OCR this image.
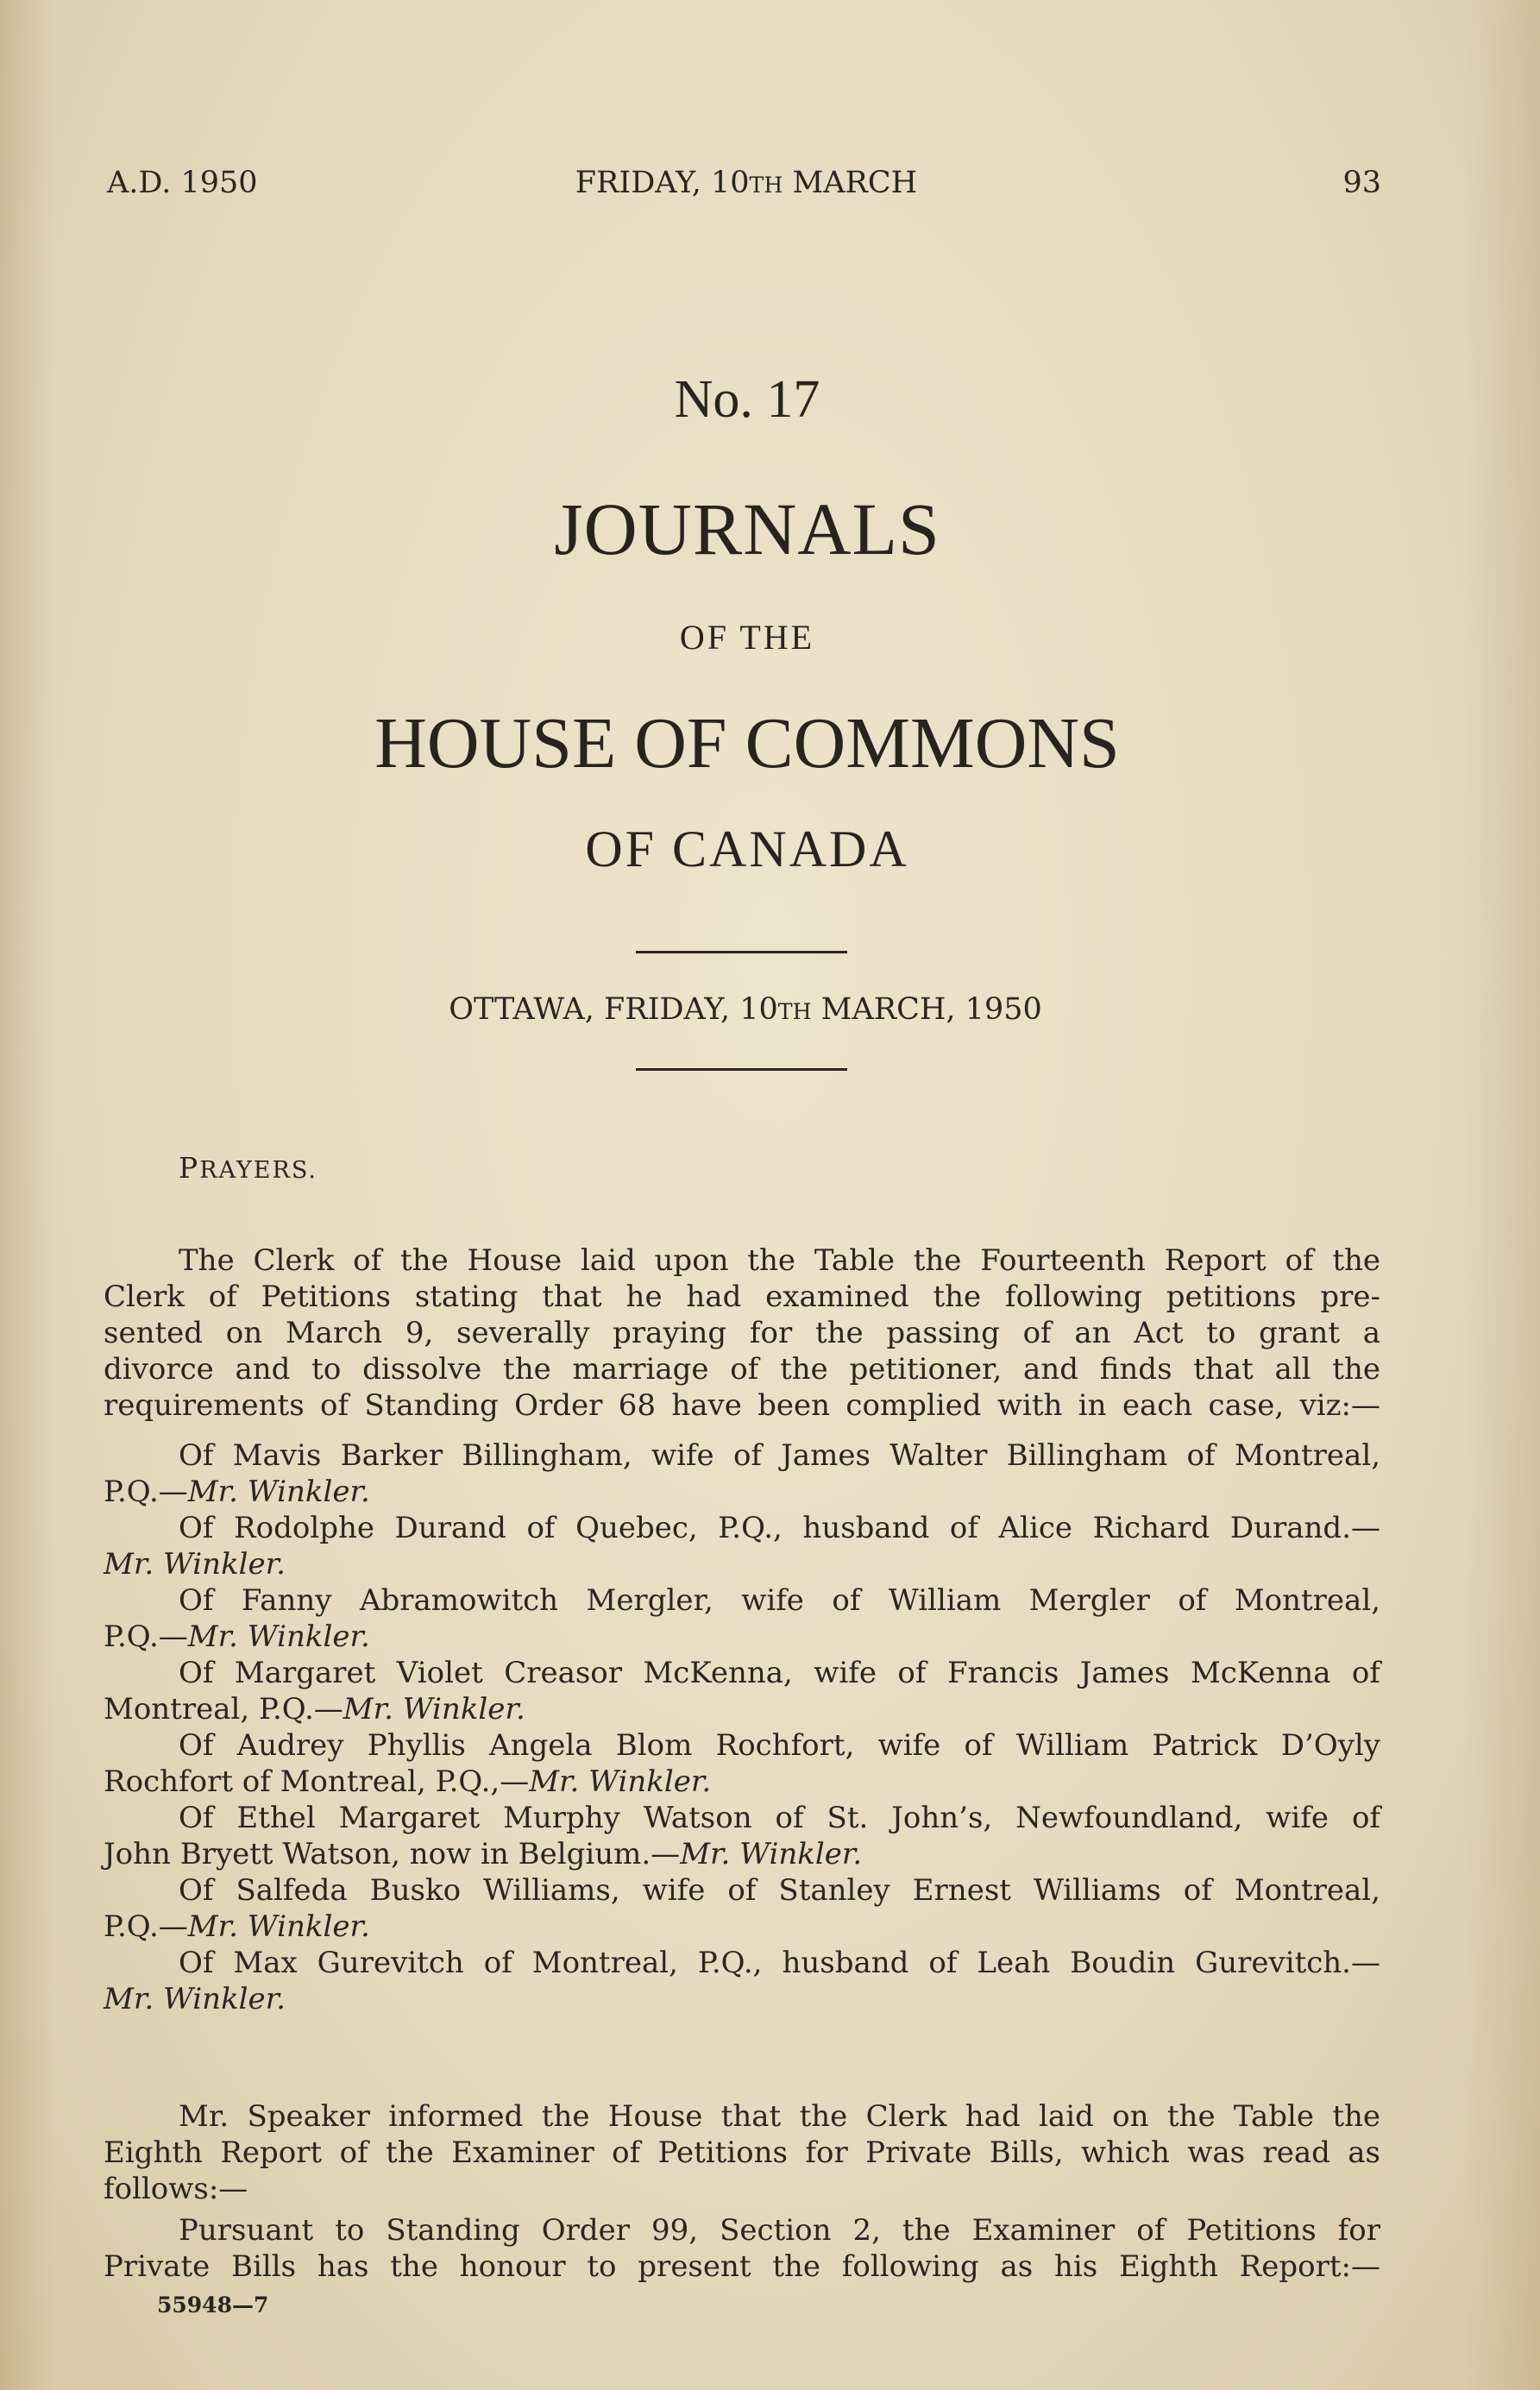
A.D. 1950	FRIDAY, 10TH MARCH	93
No. 17
JOURNALS
OF THE
HOUSE OF COMMONS
OF CANADA
OTTAWA, FRIDAY, 10TH MARCH, 1950
PRAYERS.
The Clerk of the House laid upon the Table the Fourteenth Report of the
Clerk of Petitions stating that he had examined the following petitions pre-
sented on March 9, severally praying for the passing of an Act to grant a
divorce and to dissolve the marriage of the petitioner, and finds that all the
requirements of Standing Order 68 have been complied with in each case, viz:—
Of Mavis Barker Billingham, wife of James Walter Billingham of Montreal,
P.Q.—Mr. Winkler.
Of Rodolphe Durand of Quebec, P.Q., husband of Alice Richard Durand.—
Mr. Winkler.
Of Fanny Abramowitch Mergler, wife of William Mergler of Montreal,
P.Q.—Mr. Winkler.
Of Margaret Violet Creasor McKenna, wife of Francis James McKenna of
Montreal, P.Q.—Mr. Winkler.
Of Audrey Phyllis Angela Blom Rochfort, wife of William Patrick D’Oyly
Rochfort of Montreal, P.Q.,—Mr. Winkler.
Of Ethel Margaret Murphy Watson of St. John’s, Newfoundland, wife of
John Bryett Watson, now in Belgium.—Mr. Winkler.
Of Salfeda Busko Williams, wife of Stanley Ernest Williams of Montreal,
P.Q.—Mr. Winkler.
Of Max Gurevitch of Montreal, P.Q., husband of Leah Boudin Gurevitch.—
Mr. Winkler.
Mr. Speaker informed the House that the Clerk had laid on the Table the
Eighth Report of the Examiner of Petitions for Private Bills, which was read as
follows:—
Pursuant to Standing Order 99, Section 2, the Examiner of Petitions for
Private Bills has the honour to present the following as his Eighth Report:—
55948—7
